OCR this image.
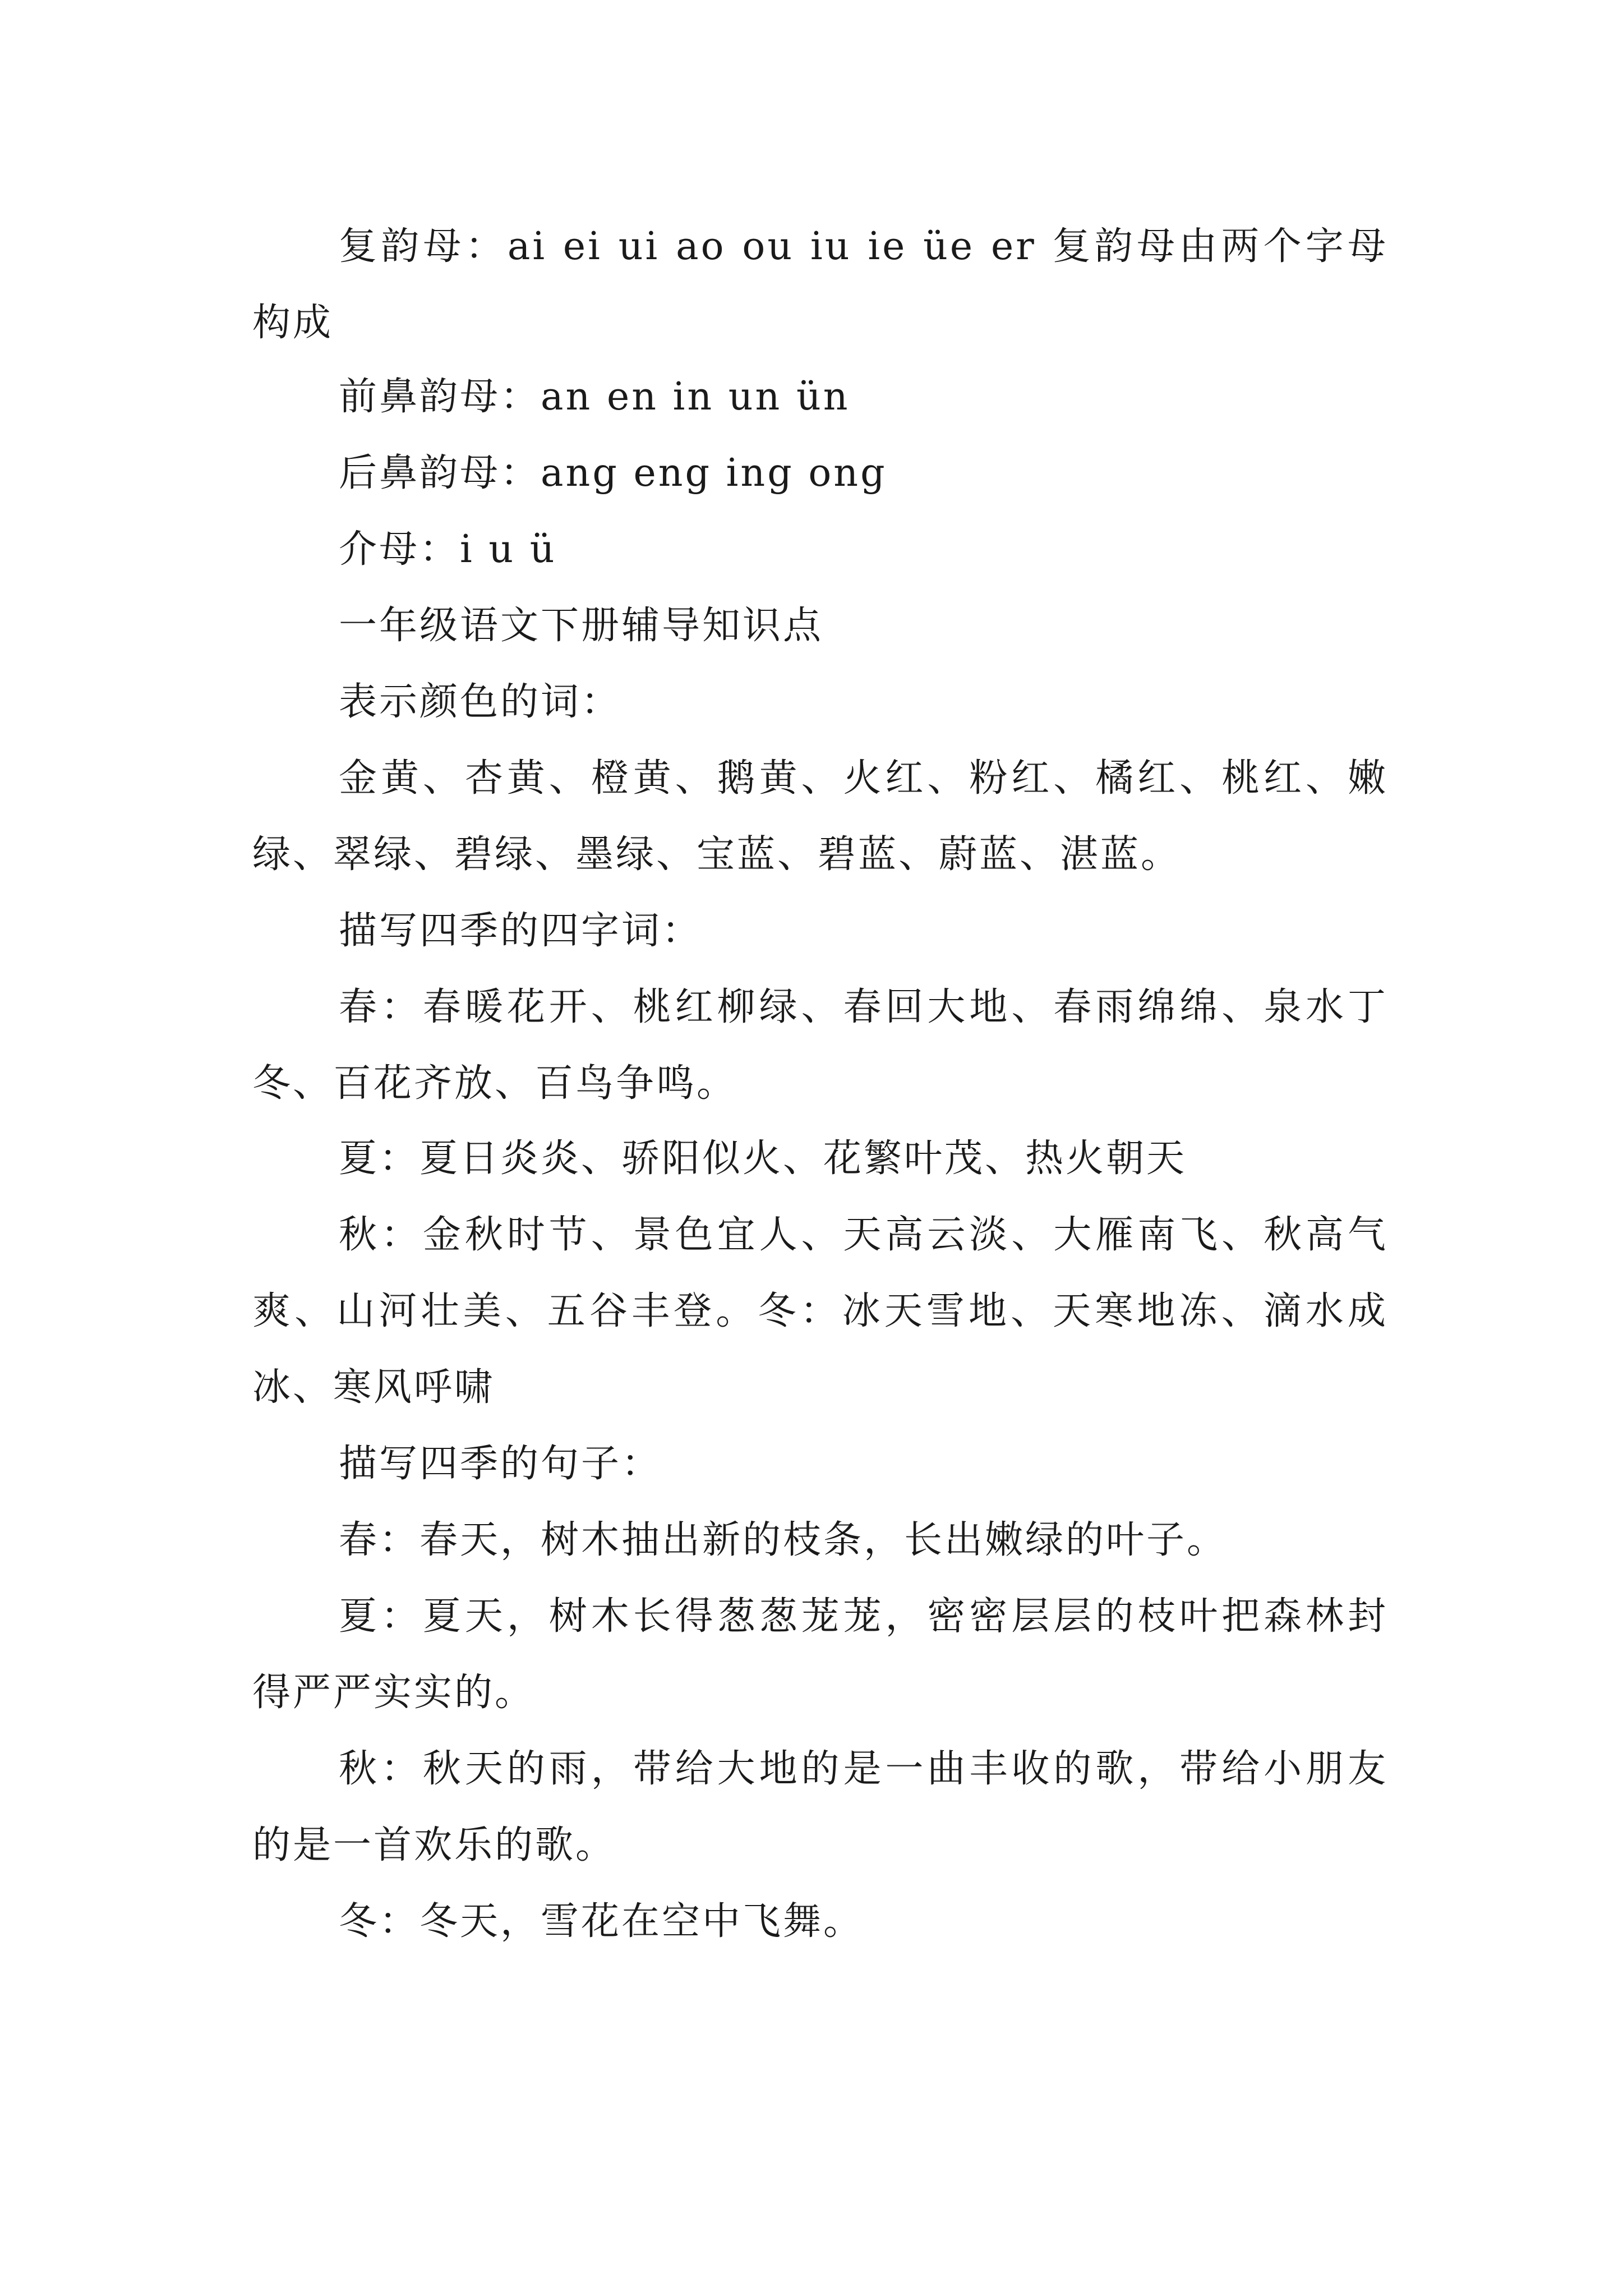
复韵母：ai ei ui ao ou iu ie üe er 复韵母由两个字母构成

前鼻韵母：an en in un ün

后鼻韵母：ang eng ing ong

介母：i u ü

一年级语文下册辅导知识点

表示颜色的词：

金黄、杏黄、橙黄、鹅黄、火红、粉红、橘红、桃红、嫩绿、翠绿、碧绿、墨绿、宝蓝、碧蓝、蔚蓝、湛蓝。

描写四季的四字词：

春：春暖花开、桃红柳绿、春回大地、春雨绵绵、泉水丁冬、百花齐放、百鸟争鸣。

夏：夏日炎炎、骄阳似火、花繁叶茂、热火朝天

秋：金秋时节、景色宜人、天高云淡、大雁南飞、秋高气爽、山河壮美、五谷丰登。冬：冰天雪地、天寒地冻、滴水成冰、寒风呼啸

描写四季的句子：

春：春天，树木抽出新的枝条，长出嫩绿的叶子。

夏：夏天，树木长得葱葱茏茏，密密层层的枝叶把森林封得严严实实的。

秋：秋天的雨，带给大地的是一曲丰收的歌，带给小朋友的是一首欢乐的歌。

冬：冬天，雪花在空中飞舞。
